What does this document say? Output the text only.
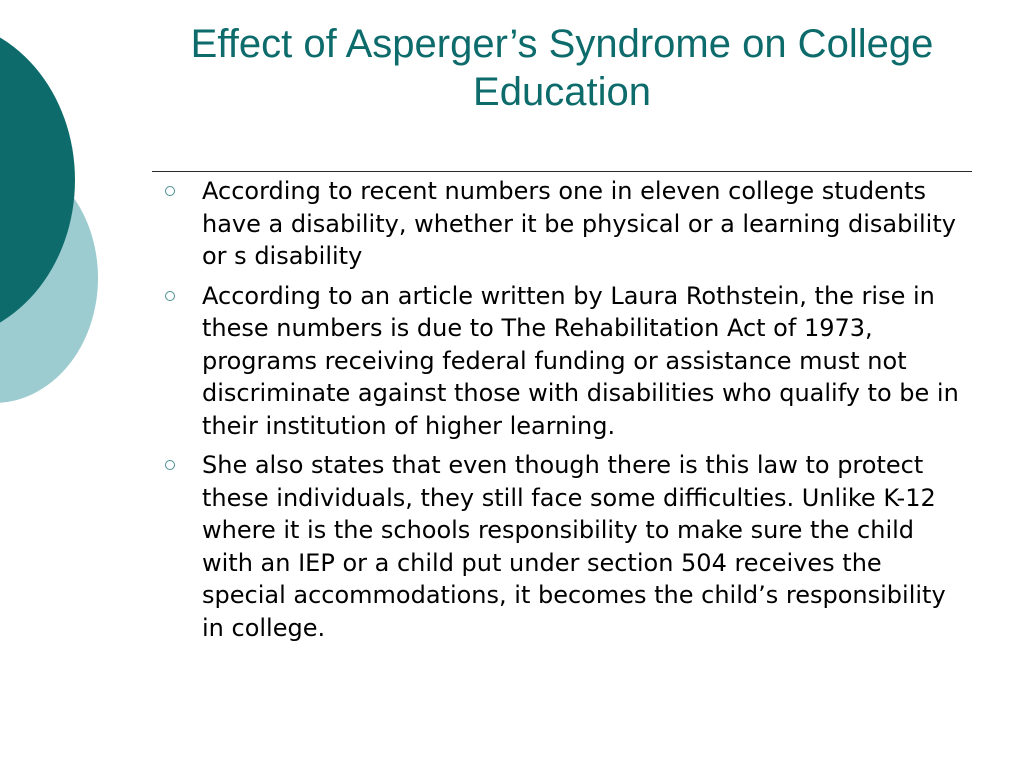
Effect of Asperger’s Syndrome on College Education
According to recent numbers one in eleven college students have a disability, whether it be physical or a learning disability or s disability
According to an article written by Laura Rothstein, the rise in these numbers is due to The Rehabilitation Act of 1973, programs receiving federal funding or assistance must not discriminate against those with disabilities who qualify to be in their institution of higher learning.
She also states that even though there is this law to protect these individuals, they still face some difficulties. Unlike K-12 where it is the schools responsibility to make sure the child with an IEP or a child put under section 504 receives the special accommodations, it becomes the child’s responsibility in college.
